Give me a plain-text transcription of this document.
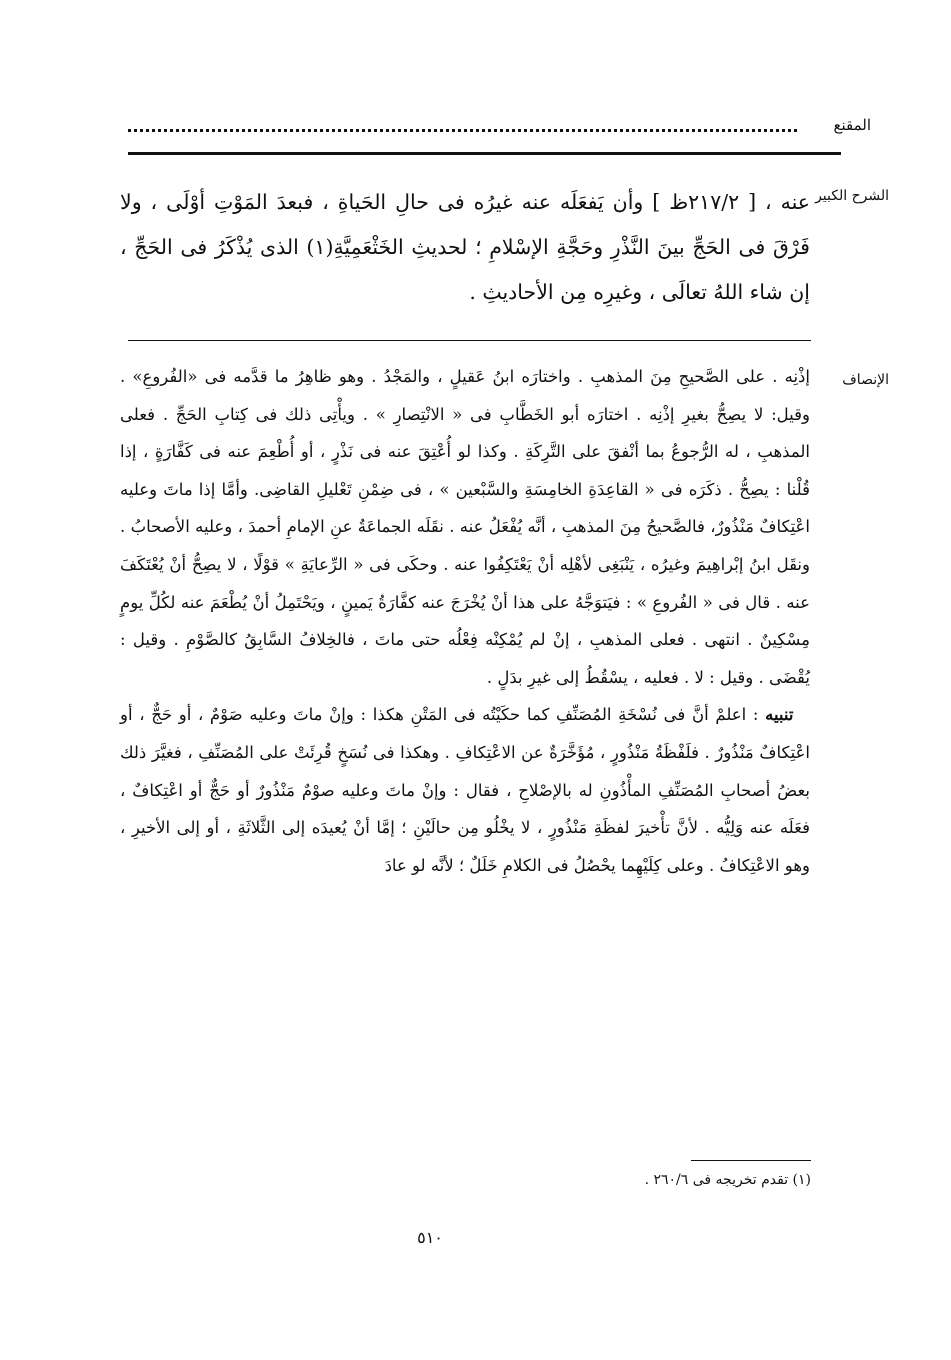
المقنع
الشرح الكبير

عنه ، [ ٢١٧/٢ظ ] وأن يَفعَلَه عنه غيرُه فى حالِ الحَياةِ ، فبعدَ المَوْتِ أوْلَى ، ولا فَرْقَ فى الحَجِّ بينَ النَّذْرِ وحَجَّةِ الإسْلامِ ؛ لحديثِ الخَثْعَمِيَّةِ(١) الذى يُذْكَرُ فى الحَجِّ ، إن شاء اللهُ تعالَى ، وغيرِه مِن الأحاديثِ .

الإنصاف

إذْنِه . على الصَّحيحِ مِنَ المذهبِ . واختارَه ابنُ عَقيلٍ ، والمَجْدُ . وهو ظاهِرُ ما قدَّمه فى «الفُروعِ» . وقيل: لا يصِحُّ بغيرِ إذْنِه . اختارَه أبو الخَطَّابِ فى « الانْتِصارِ » . ويأْتِى ذلك فى كِتابِ الحَجِّ . فعلى المذهبِ ، له الرُّجوعُ بما أنْفقَ على التَّرِكَةِ . وكذا لو أُعْتِقَ عنه فى نَذْرٍ ، أو أُطْعِمَ عنه فى كَفَّارَةٍ ، إذا قُلْنا : يصِحُّ . ذكَرَه فى « القاعِدَةِ الخامِسَةِ والسَّبْعين » ، فى ضِمْنِ تَعْليلِ القاضِى. وأمَّا إذا ماتَ وعليه اعْتِكافٌ مَنْذُورٌ، فالصَّحيحُ مِنَ المذهبِ ، أنَّه يُفْعَلُ عنه . نقَلَه الجماعَةُ عنِ الإمامِ أحمدَ ، وعليه الأصحابُ . ونقَل ابنُ إبْراهِيمَ وغيرُه ، يَنْبَغِى لأهْلِه أنْ يَعْتَكِفُوا عنه . وحكَى فى « الرِّعايَةِ » قوْلًا ، لا يصِحُّ أنْ يُعْتَكَفَ عنه . قال فى « الفُروعِ » : فيَتوَجَّهُ على هذا أنْ يُخْرَجَ عنه كفَّارَةُ يَمينٍ ، ويَحْتَمِلُ أنْ يُطْعَمَ عنه لكُلِّ يومٍ مِسْكِينٌ . انتهى . فعلى المذهبِ ، إنْ لم يُمْكِنْه فِعْلُه حتى ماتَ ، فالخِلافُ السَّابِقُ كالصَّوْمِ . وقيل : يُقْضَى . وقيل : لا . فعليه ، يسْقُطُ إلى غيرِ بدَلٍ .

 تنبيه : اعلمْ أنَّ فى نُسْخَةِ المُصَنِّفِ كما حكَيْتُه فى المَتْنِ هكذا : وإنْ ماتَ وعليه صَوْمٌ ، أو حَجٌّ ، أو اعْتِكافٌ مَنْذُورٌ . فلَفْظَةُ مَنْذُورٍ ، مُؤَخَّرَةٌ عن الاعْتِكافِ . وهكذا فى نُسَخٍ قُرِئَتْ على المُصَنِّفِ ، فغيَّرَ ذلك بعضُ أصحابِ المُصَنِّفِ المأْذُونِ له بالإصْلاحِ ، فقال : وإنْ ماتَ وعليه صوْمٌ مَنْذُورٌ أو حَجٌّ أو اعْتِكافٌ ، فعَلَه عنه وَلِيُّه . لأنَّ تأْخيرَ لفظَةِ مَنْذُورٍ ، لا يخْلُو مِن حالَيْنِ ؛ إمَّا أنْ يُعيدَه إلى الثَّلاثَةِ ، أو إلى الأخيرِ ، وهو الاعْتِكافُ . وعلى كِلَيْهِما يحْصُلُ فى الكلامِ خَلَلٌ ؛ لأنَّه لو عادَ

(١) تقدم تخريجه فى ٢٦٠/٦ .
٥١٠
